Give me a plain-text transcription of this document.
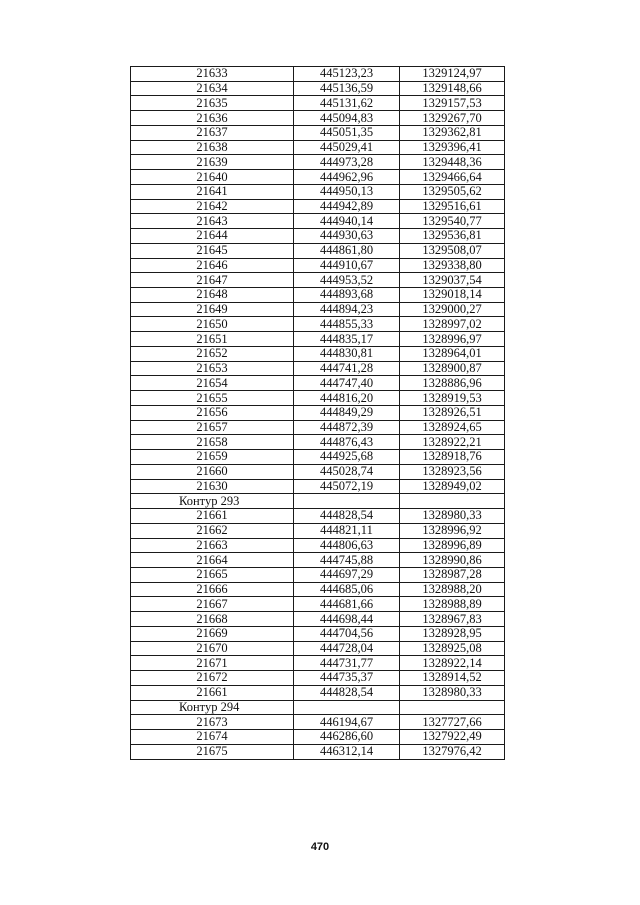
21633	445123,23	1329124,97
21634	445136,59	1329148,66
21635	445131,62	1329157,53
21636	445094,83	1329267,70
21637	445051,35	1329362,81
21638	445029,41	1329396,41
21639	444973,28	1329448,36
21640	444962,96	1329466,64
21641	444950,13	1329505,62
21642	444942,89	1329516,61
21643	444940,14	1329540,77
21644	444930,63	1329536,81
21645	444861,80	1329508,07
21646	444910,67	1329338,80
21647	444953,52	1329037,54
21648	444893,68	1329018,14
21649	444894,23	1329000,27
21650	444855,33	1328997,02
21651	444835,17	1328996,97
21652	444830,81	1328964,01
21653	444741,28	1328900,87
21654	444747,40	1328886,96
21655	444816,20	1328919,53
21656	444849,29	1328926,51
21657	444872,39	1328924,65
21658	444876,43	1328922,21
21659	444925,68	1328918,76
21660	445028,74	1328923,56
21630	445072,19	1328949,02
Контур 293		
21661	444828,54	1328980,33
21662	444821,11	1328996,92
21663	444806,63	1328996,89
21664	444745,88	1328990,86
21665	444697,29	1328987,28
21666	444685,06	1328988,20
21667	444681,66	1328988,89
21668	444698,44	1328967,83
21669	444704,56	1328928,95
21670	444728,04	1328925,08
21671	444731,77	1328922,14
21672	444735,37	1328914,52
21661	444828,54	1328980,33
Контур 294		
21673	446194,67	1327727,66
21674	446286,60	1327922,49
21675	446312,14	1327976,42
470
